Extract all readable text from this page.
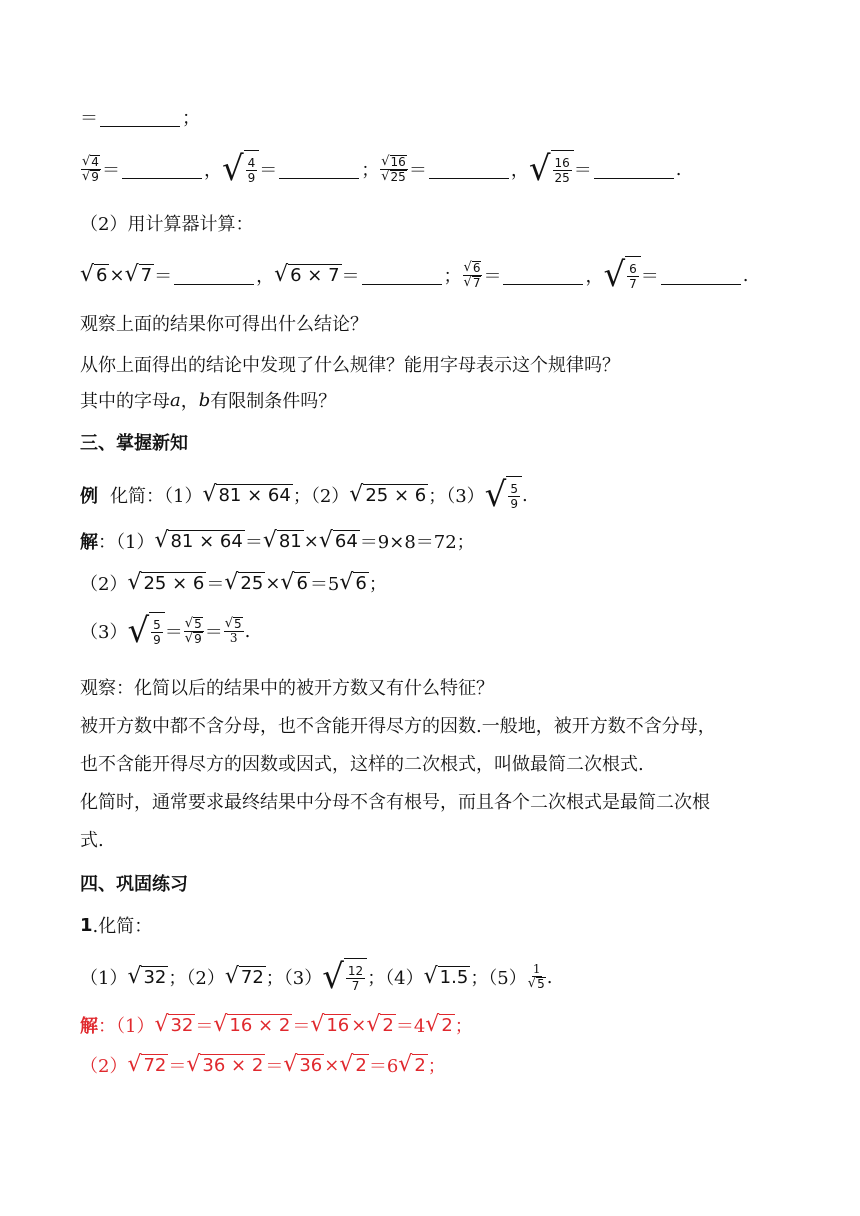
＝	；
$\frac{√ 4}{√ 9}$ ＝	， √ 4
9 ＝	； $\frac{√ 16}{√ 25}$ ＝	， √ 16
25 ＝	.
（2）用计算器计算：
√ 6 × √ 7 ＝	， √ 6 × 7 ＝	； $\frac{√ 6}{√ 7}$ ＝	， √ 6
7 ＝	.
观察上面的结果你可得出什么结论？
从你上面得出的结论中发现了什么规律？能用字母表示这个规律吗？
其中的字母 a ， b 有限制条件吗？
三、掌握新知
例 化简：（1） √ 81 × 64 ；（2） √ 25 × 6 ；（3） √ 5
9 .
解 ：（1） √ 81 × 64 ＝ √ 81 × √ 64 ＝9×8＝72；
（2） √ 25 × 6 ＝ √ 25 × √ 6 ＝5 √ 6 ；
（3） √ 5
$9 = \frac{√ 5}{√ 9} = \frac{√ 5}{3}$ .
观察：化简以后的结果中的被开方数又有什么特征？
被开方数中都不含分母，也不含能开得尽方的因数.一般地，被开方数不含分母，
也不含能开得尽方的因数或因式，这样的二次根式，叫做最简二次根式.
化简时，通常要求最终结果中分母不含有根号，而且各个二次根式是最简二次根
式.
四、巩固练习
1 .化简：
（1） √ 32 ；（2） √ 72 ；（3） √ 12
7 ；（4） √ 1.5 ；$(5) \frac{1}{√ 5}$ .
解 ：（1） √ 32 ＝ √ 16 × 2 ＝ √ 16 × √ 2 ＝4 √ 2 ；
（2） √ 72 ＝ √ 36 × 2 ＝ √ 36 × √ 2 ＝6 √ 2 ；
